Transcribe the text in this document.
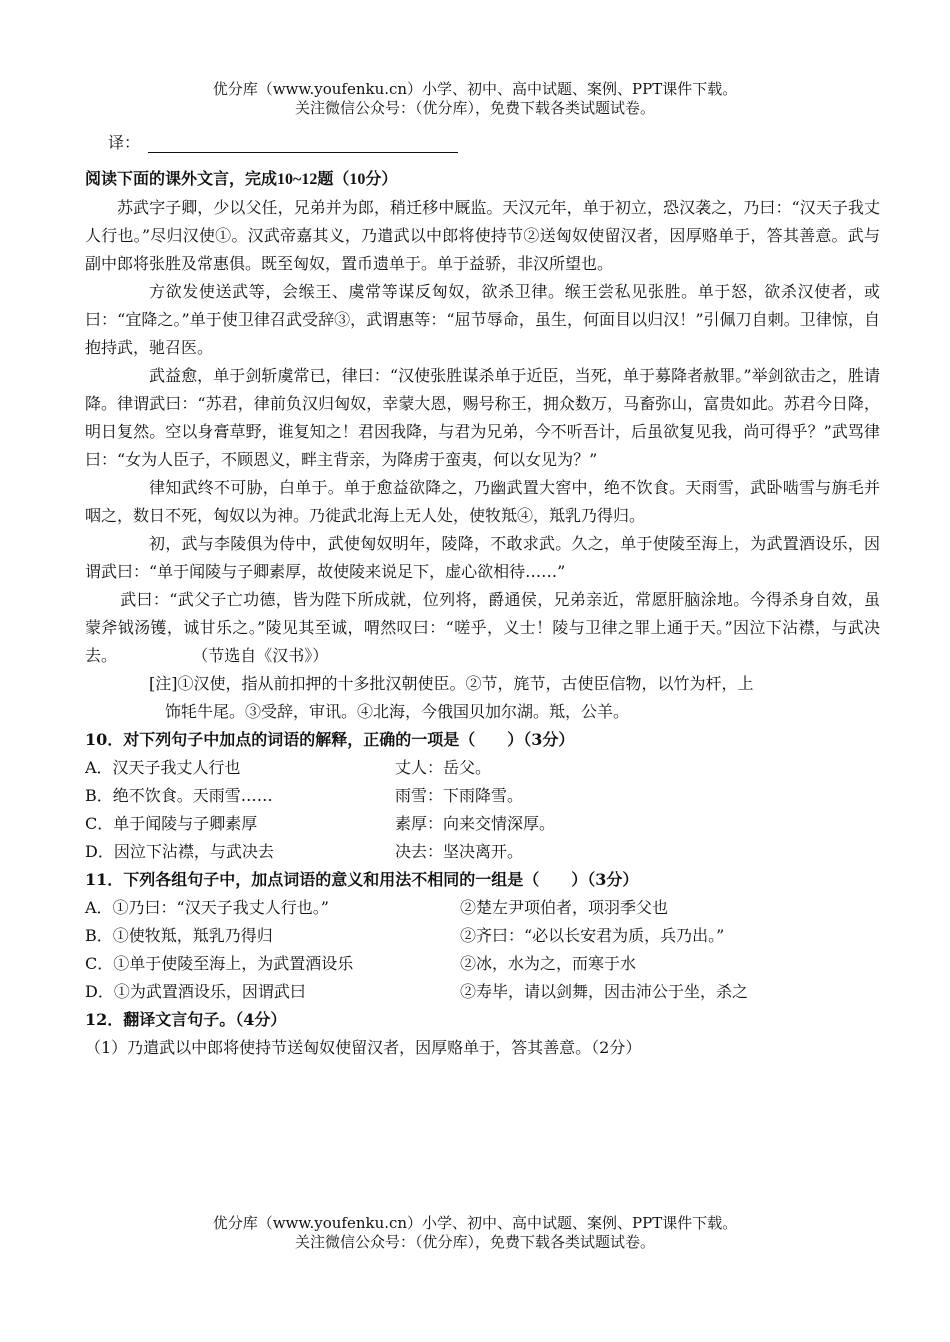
优分库（www.youfenku.cn）小学、初中、高中试题、案例、PPT课件下载。
关注微信公众号：（优分库），免费下载各类试题试卷。
译：

阅读下面的课外文言，完成10~12题（10分）

苏武字子卿，少以父任，兄弟并为郎，稍迁移中厩监。天汉元年，单于初立，恐汉袭之，乃曰：“汉天子我丈人行也。”尽归汉使①。汉武帝嘉其义，乃遣武以中郎将使持节②送匈奴使留汉者，因厚赂单于，答其善意。武与副中郎将张胜及常惠俱。既至匈奴，置币遗单于。单于益骄，非汉所望也。

方欲发使送武等，会缑王、虞常等谋反匈奴，欲杀卫律。缑王尝私见张胜。单于怒，欲杀汉使者，或曰：“宜降之。”单于使卫律召武受辞③，武谓惠等：“屈节辱命，虽生，何面目以归汉！”引佩刀自刺。卫律惊，自抱持武，驰召医。

武益愈，单于剑斩虞常已，律曰：“汉使张胜谋杀单于近臣，当死，单于募降者赦罪。”举剑欲击之，胜请降。律谓武曰：“苏君，律前负汉归匈奴，幸蒙大恩，赐号称王，拥众数万，马畜弥山，富贵如此。苏君今日降，明日复然。空以身膏草野，谁复知之！君因我降，与君为兄弟，今不听吾计，后虽欲复见我，尚可得乎？”武骂律曰：“女为人臣子，不顾恩义，畔主背亲，为降虏于蛮夷，何以女见为？”

律知武终不可胁，白单于。单于愈益欲降之，乃幽武置大窖中，绝不饮食。天雨雪，武卧啮雪与旃毛并咽之，数日不死，匈奴以为神。乃徙武北海上无人处，使牧羝④，羝乳乃得归。

初，武与李陵俱为侍中，武使匈奴明年，陵降，不敢求武。久之，单于使陵至海上，为武置酒设乐，因谓武曰：“单于闻陵与子卿素厚，故使陵来说足下，虚心欲相待……”

武曰：“武父子亡功德，皆为陛下所成就，位列将，爵通侯，兄弟亲近，常愿肝脑涂地。今得杀身自效，虽蒙斧钺汤镬，诚甘乐之。”陵见其至诚，喟然叹曰：“嗟乎，义士！陵与卫律之罪上通于天。”因泣下沾襟，与武决去。	（节选自《汉书》）

[注]①汉使，指从前扣押的十多批汉朝使臣。②节，旄节，古使臣信物，以竹为杆，上

饰牦牛尾。③受辞，审讯。④北海，今俄国贝加尔湖。羝，公羊。

10．对下列句子中加点的词语的解释，正确的一项是（　　）（3分）

A．汉天子我丈人行也	丈人：岳父。
B．绝不饮食。天雨雪……	雨雪：下雨降雪。
C．单于闻陵与子卿素厚	素厚：向来交情深厚。
D．因泣下沾襟，与武决去	决去：坚决离开。

11．下列各组句子中，加点词语的意义和用法不相同的一组是（　　）（3分）

A．①乃曰：“汉天子我丈人行也。”	②楚左尹项伯者，项羽季父也
B．①使牧羝，羝乳乃得归	②齐曰：“必以长安君为质，兵乃出。”
C．①单于使陵至海上，为武置酒设乐	②冰，水为之，而寒于水
D．①为武置酒设乐，因谓武曰	②寿毕，请以剑舞，因击沛公于坐，杀之

12．翻译文言句子。（4分）

（1）乃遣武以中郎将使持节送匈奴使留汉者，因厚赂单于，答其善意。（2分）

优分库（www.youfenku.cn）小学、初中、高中试题、案例、PPT课件下载。
关注微信公众号：（优分库），免费下载各类试题试卷。
